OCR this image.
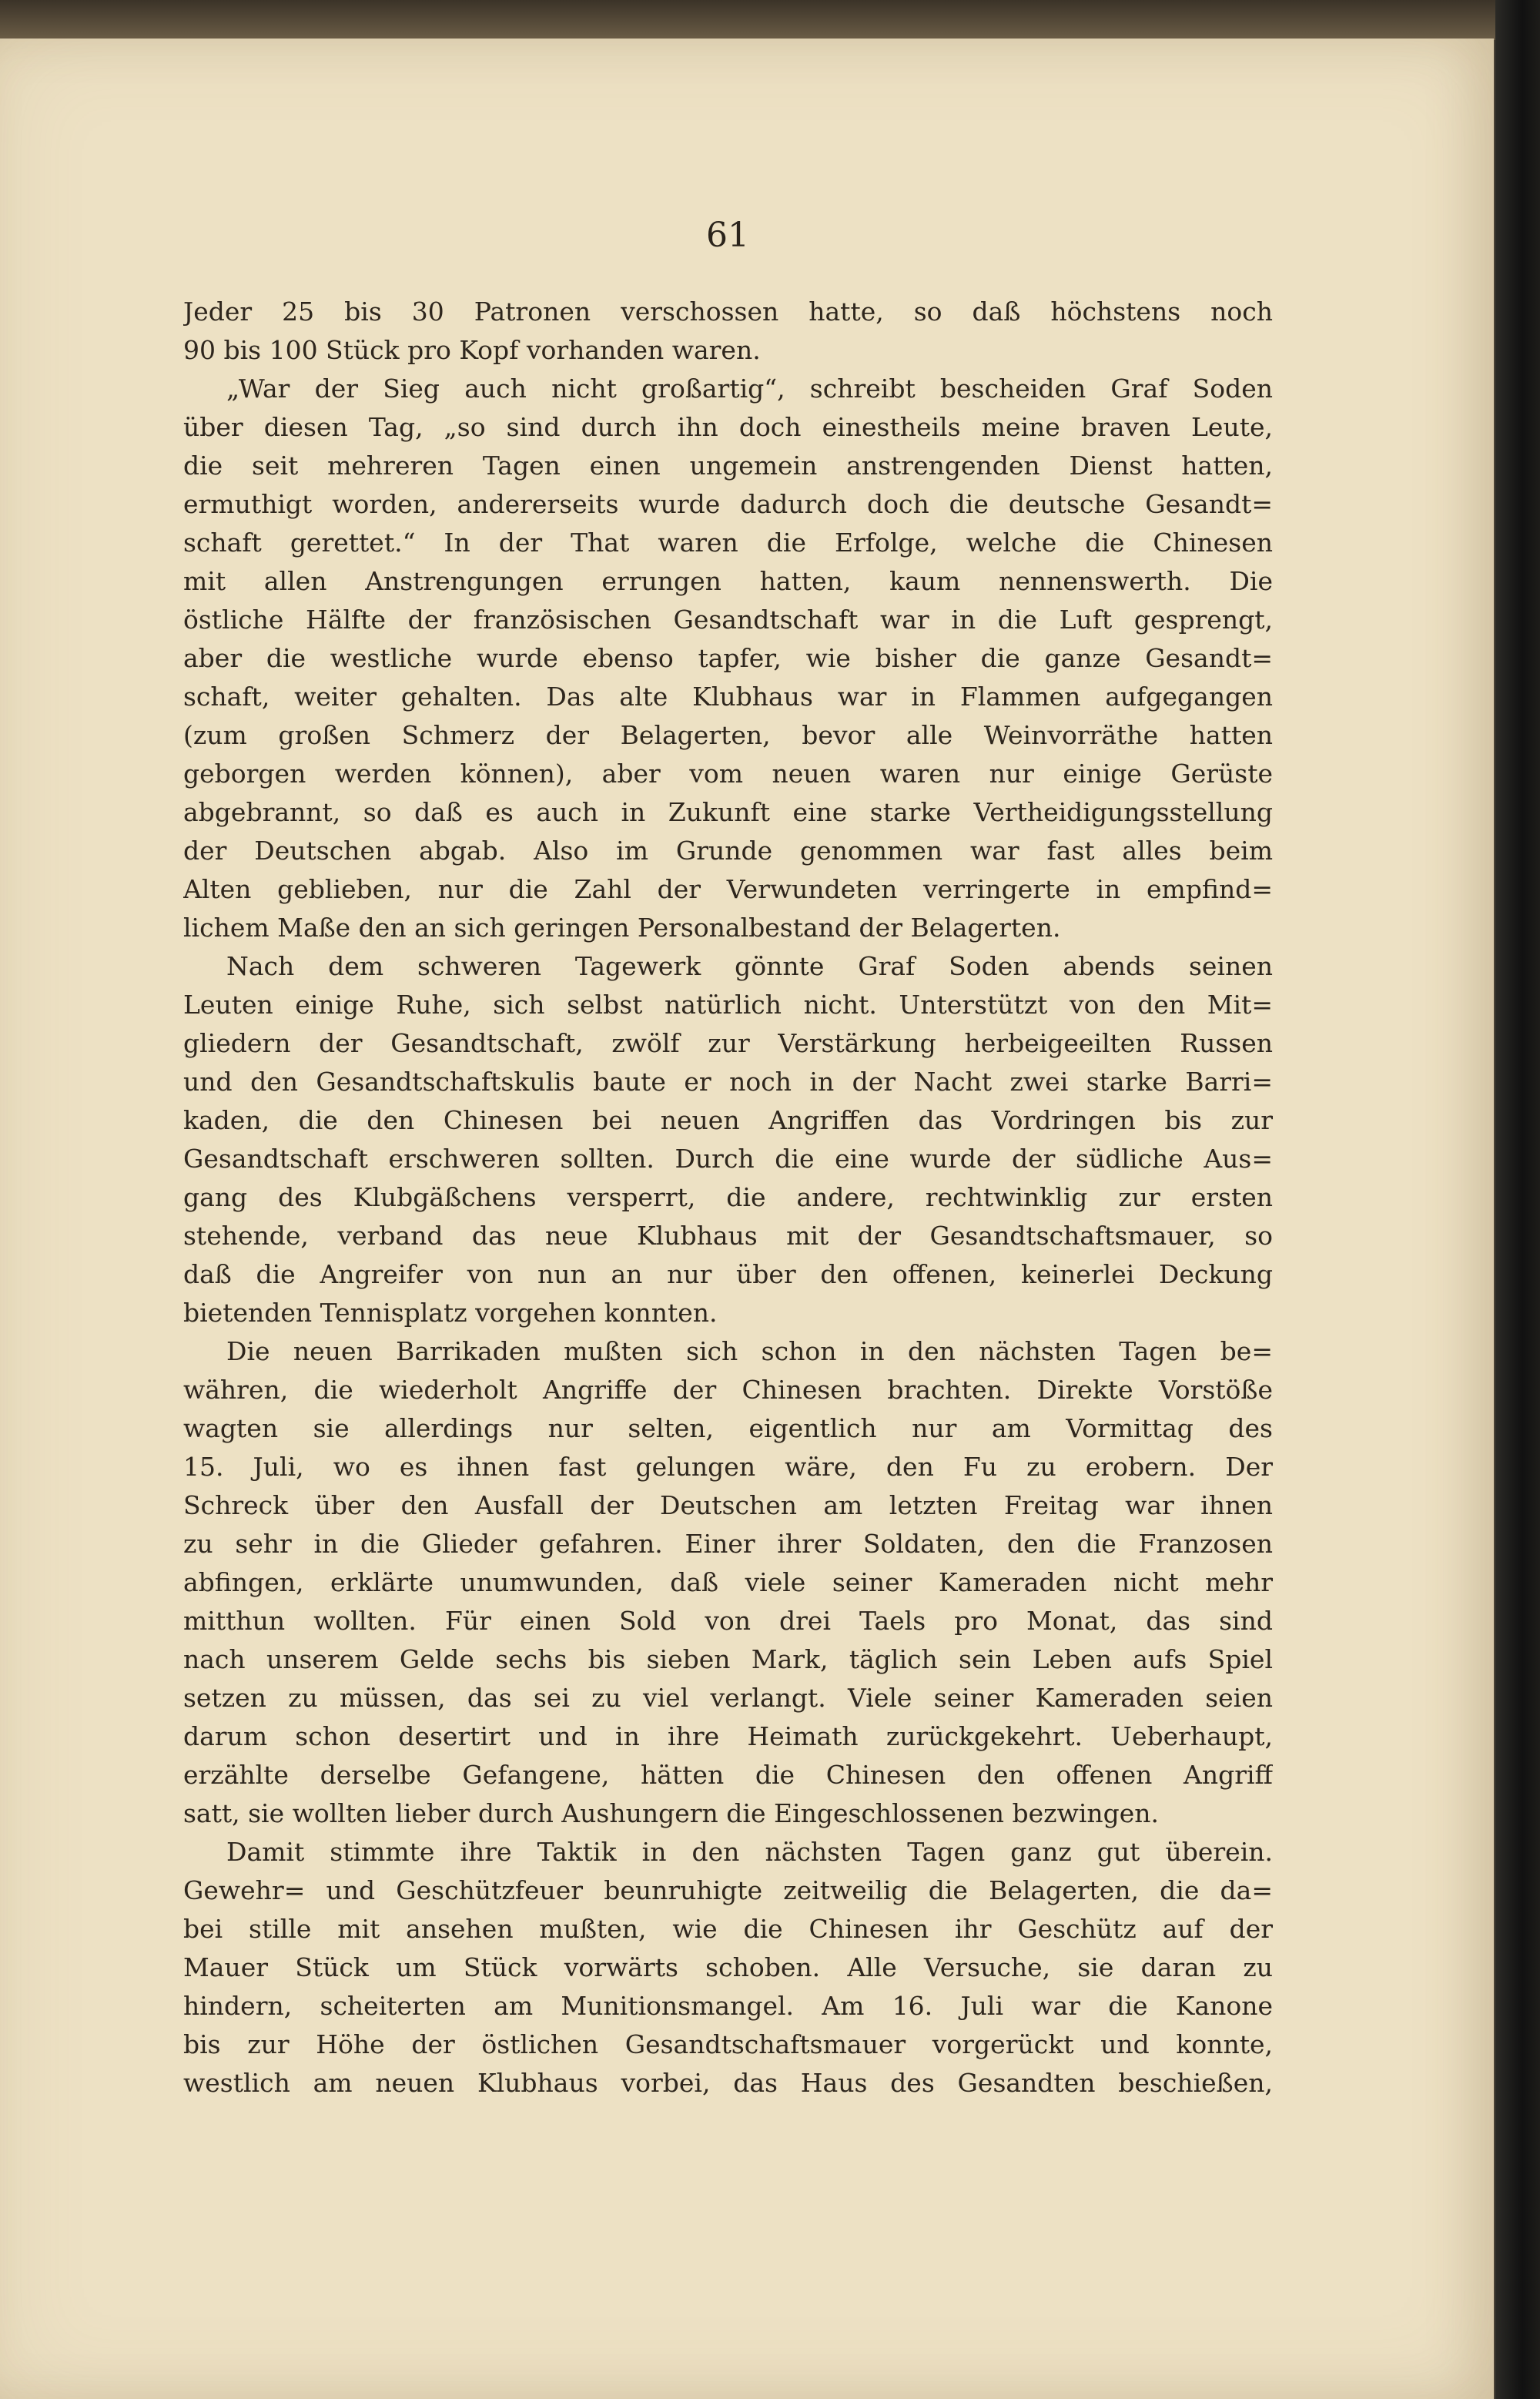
61
Jeder 25 bis 30 Patronen verschossen hatte, so daß höchstens noch
90 bis 100 Stück pro Kopf vorhanden waren.
„War der Sieg auch nicht großartig“, schreibt bescheiden Graf Soden
über diesen Tag, „so sind durch ihn doch einestheils meine braven Leute,
die seit mehreren Tagen einen ungemein anstrengenden Dienst hatten,
ermuthigt worden, andererseits wurde dadurch doch die deutsche Gesandt=
schaft gerettet.“ In der That waren die Erfolge, welche die Chinesen
mit allen Anstrengungen errungen hatten, kaum nennenswerth. Die
östliche Hälfte der französischen Gesandtschaft war in die Luft gesprengt,
aber die westliche wurde ebenso tapfer, wie bisher die ganze Gesandt=
schaft, weiter gehalten. Das alte Klubhaus war in Flammen aufgegangen
(zum großen Schmerz der Belagerten, bevor alle Weinvorräthe hatten
geborgen werden können), aber vom neuen waren nur einige Gerüste
abgebrannt, so daß es auch in Zukunft eine starke Vertheidigungsstellung
der Deutschen abgab. Also im Grunde genommen war fast alles beim
Alten geblieben, nur die Zahl der Verwundeten verringerte in empfind=
lichem Maße den an sich geringen Personalbestand der Belagerten.
Nach dem schweren Tagewerk gönnte Graf Soden abends seinen
Leuten einige Ruhe, sich selbst natürlich nicht. Unterstützt von den Mit=
gliedern der Gesandtschaft, zwölf zur Verstärkung herbeigeeilten Russen
und den Gesandtschaftskulis baute er noch in der Nacht zwei starke Barri=
kaden, die den Chinesen bei neuen Angriffen das Vordringen bis zur
Gesandtschaft erschweren sollten. Durch die eine wurde der südliche Aus=
gang des Klubgäßchens versperrt, die andere, rechtwinklig zur ersten
stehende, verband das neue Klubhaus mit der Gesandtschaftsmauer, so
daß die Angreifer von nun an nur über den offenen, keinerlei Deckung
bietenden Tennisplatz vorgehen konnten.
Die neuen Barrikaden mußten sich schon in den nächsten Tagen be=
währen, die wiederholt Angriffe der Chinesen brachten. Direkte Vorstöße
wagten sie allerdings nur selten, eigentlich nur am Vormittag des
15. Juli, wo es ihnen fast gelungen wäre, den Fu zu erobern. Der
Schreck über den Ausfall der Deutschen am letzten Freitag war ihnen
zu sehr in die Glieder gefahren. Einer ihrer Soldaten, den die Franzosen
abfingen, erklärte unumwunden, daß viele seiner Kameraden nicht mehr
mitthun wollten. Für einen Sold von drei Taels pro Monat, das sind
nach unserem Gelde sechs bis sieben Mark, täglich sein Leben aufs Spiel
setzen zu müssen, das sei zu viel verlangt. Viele seiner Kameraden seien
darum schon desertirt und in ihre Heimath zurückgekehrt. Ueberhaupt,
erzählte derselbe Gefangene, hätten die Chinesen den offenen Angriff
satt, sie wollten lieber durch Aushungern die Eingeschlossenen bezwingen.
Damit stimmte ihre Taktik in den nächsten Tagen ganz gut überein.
Gewehr= und Geschützfeuer beunruhigte zeitweilig die Belagerten, die da=
bei stille mit ansehen mußten, wie die Chinesen ihr Geschütz auf der
Mauer Stück um Stück vorwärts schoben. Alle Versuche, sie daran zu
hindern, scheiterten am Munitionsmangel. Am 16. Juli war die Kanone
bis zur Höhe der östlichen Gesandtschaftsmauer vorgerückt und konnte,
westlich am neuen Klubhaus vorbei, das Haus des Gesandten beschießen,
